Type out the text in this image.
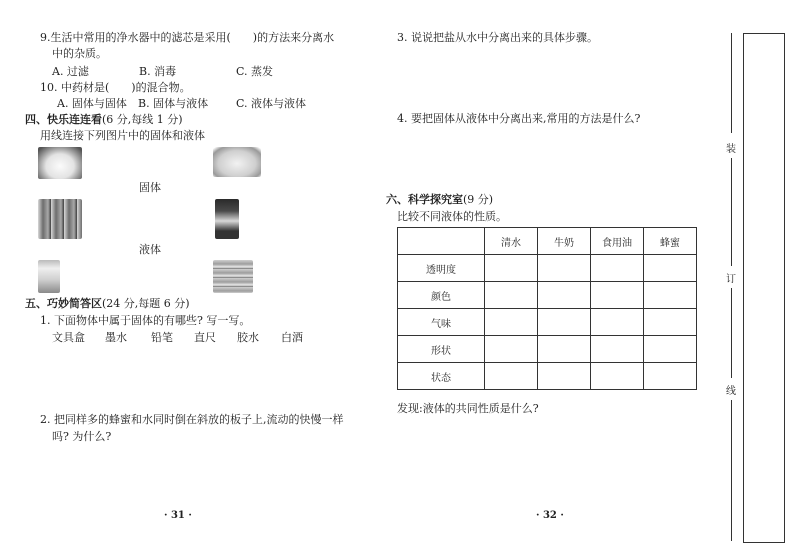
9.生活中常用的净水器中的滤芯是采用(　　)的方法来分离水
中的杂质。
A. 过滤	B. 消毒	C. 蒸发
10. 中药材是(　　)的混合物。
A. 固体与固体 B. 固体与液体	C. 液体与液体
四、快乐连连看(6 分,每线 1 分)
用线连接下列图片中的固体和液体
固体
液体
五、巧妙简答区(24 分,每题 6 分)
1. 下面物体中属于固体的有哪些? 写一写。
文具盒 墨水 铅笔 直尺 胶水 白酒
2. 把同样多的蜂蜜和水同时倒在斜放的板子上,流动的快慢一样
吗? 为什么?
· 31 ·
3. 说说把盐从水中分离出来的具体步骤。
4. 要把固体从液体中分离出来,常用的方法是什么?
六、科学探究室(9 分)
比较不同液体的性质。
	清水	牛奶	食用油	蜂蜜
透明度				
颜色				
气味				
形状				
状态				
发现:液体的共同性质是什么?
· 32 ·
装
订
线
